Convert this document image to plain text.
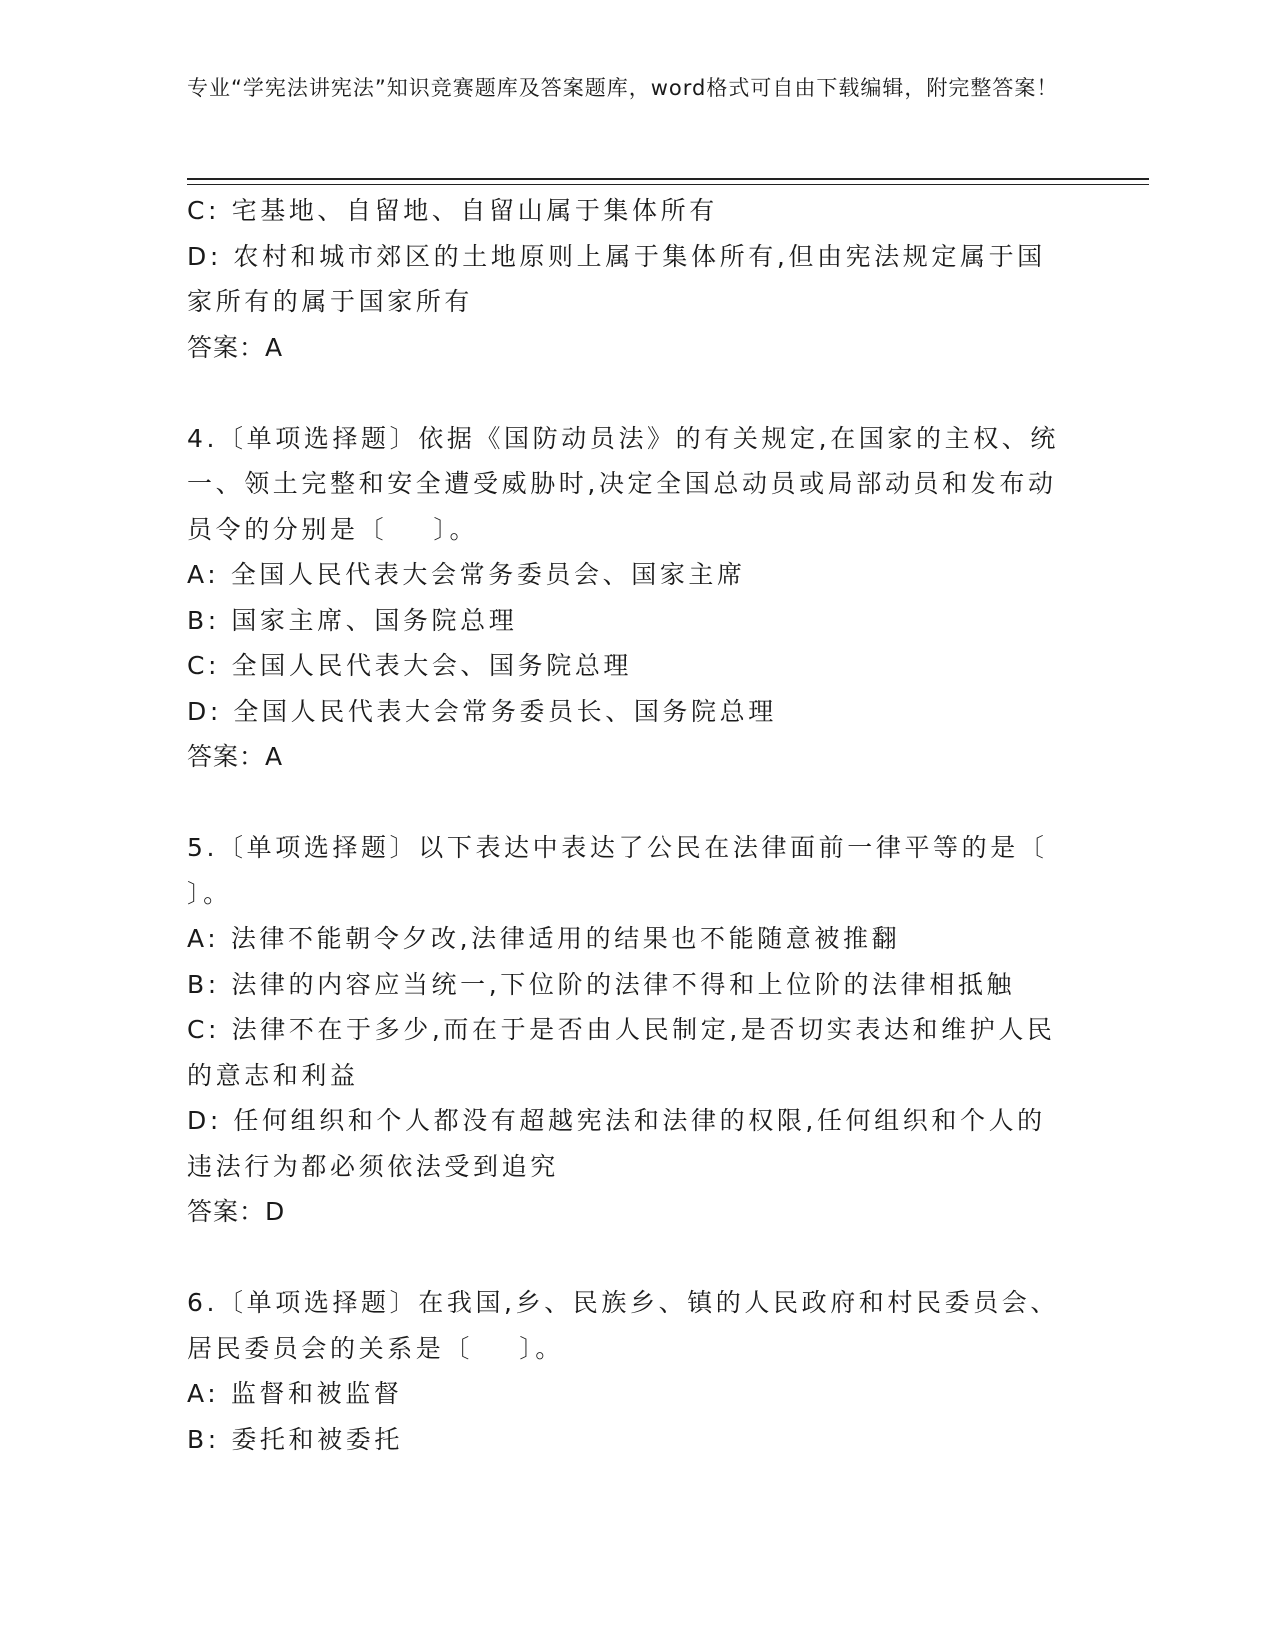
专业“学宪法讲宪法”知识竞赛题库及答案题库，word格式可自由下载编辑，附完整答案！

C: 宅基地、自留地、自留山属于集体所有

D: 农村和城市郊区的土地原则上属于集体所有,但由宪法规定属于国

家所有的属于国家所有

答案：A

4.〔单项选择题〕依据《国防动员法》的有关规定,在国家的主权、统

一、领土完整和安全遭受威胁时,决定全国总动员或局部动员和发布动

员令的分别是〔    〕。

A: 全国人民代表大会常务委员会、国家主席

B: 国家主席、国务院总理

C: 全国人民代表大会、国务院总理

D: 全国人民代表大会常务委员长、国务院总理

答案：A

5.〔单项选择题〕以下表达中表达了公民在法律面前一律平等的是〔

〕。

A: 法律不能朝令夕改,法律适用的结果也不能随意被推翻

B: 法律的内容应当统一,下位阶的法律不得和上位阶的法律相抵触

C: 法律不在于多少,而在于是否由人民制定,是否切实表达和维护人民

的意志和利益

D: 任何组织和个人都没有超越宪法和法律的权限,任何组织和个人的

违法行为都必须依法受到追究

答案：D

6.〔单项选择题〕在我国,乡、民族乡、镇的人民政府和村民委员会、

居民委员会的关系是〔    〕。

A: 监督和被监督

B: 委托和被委托
